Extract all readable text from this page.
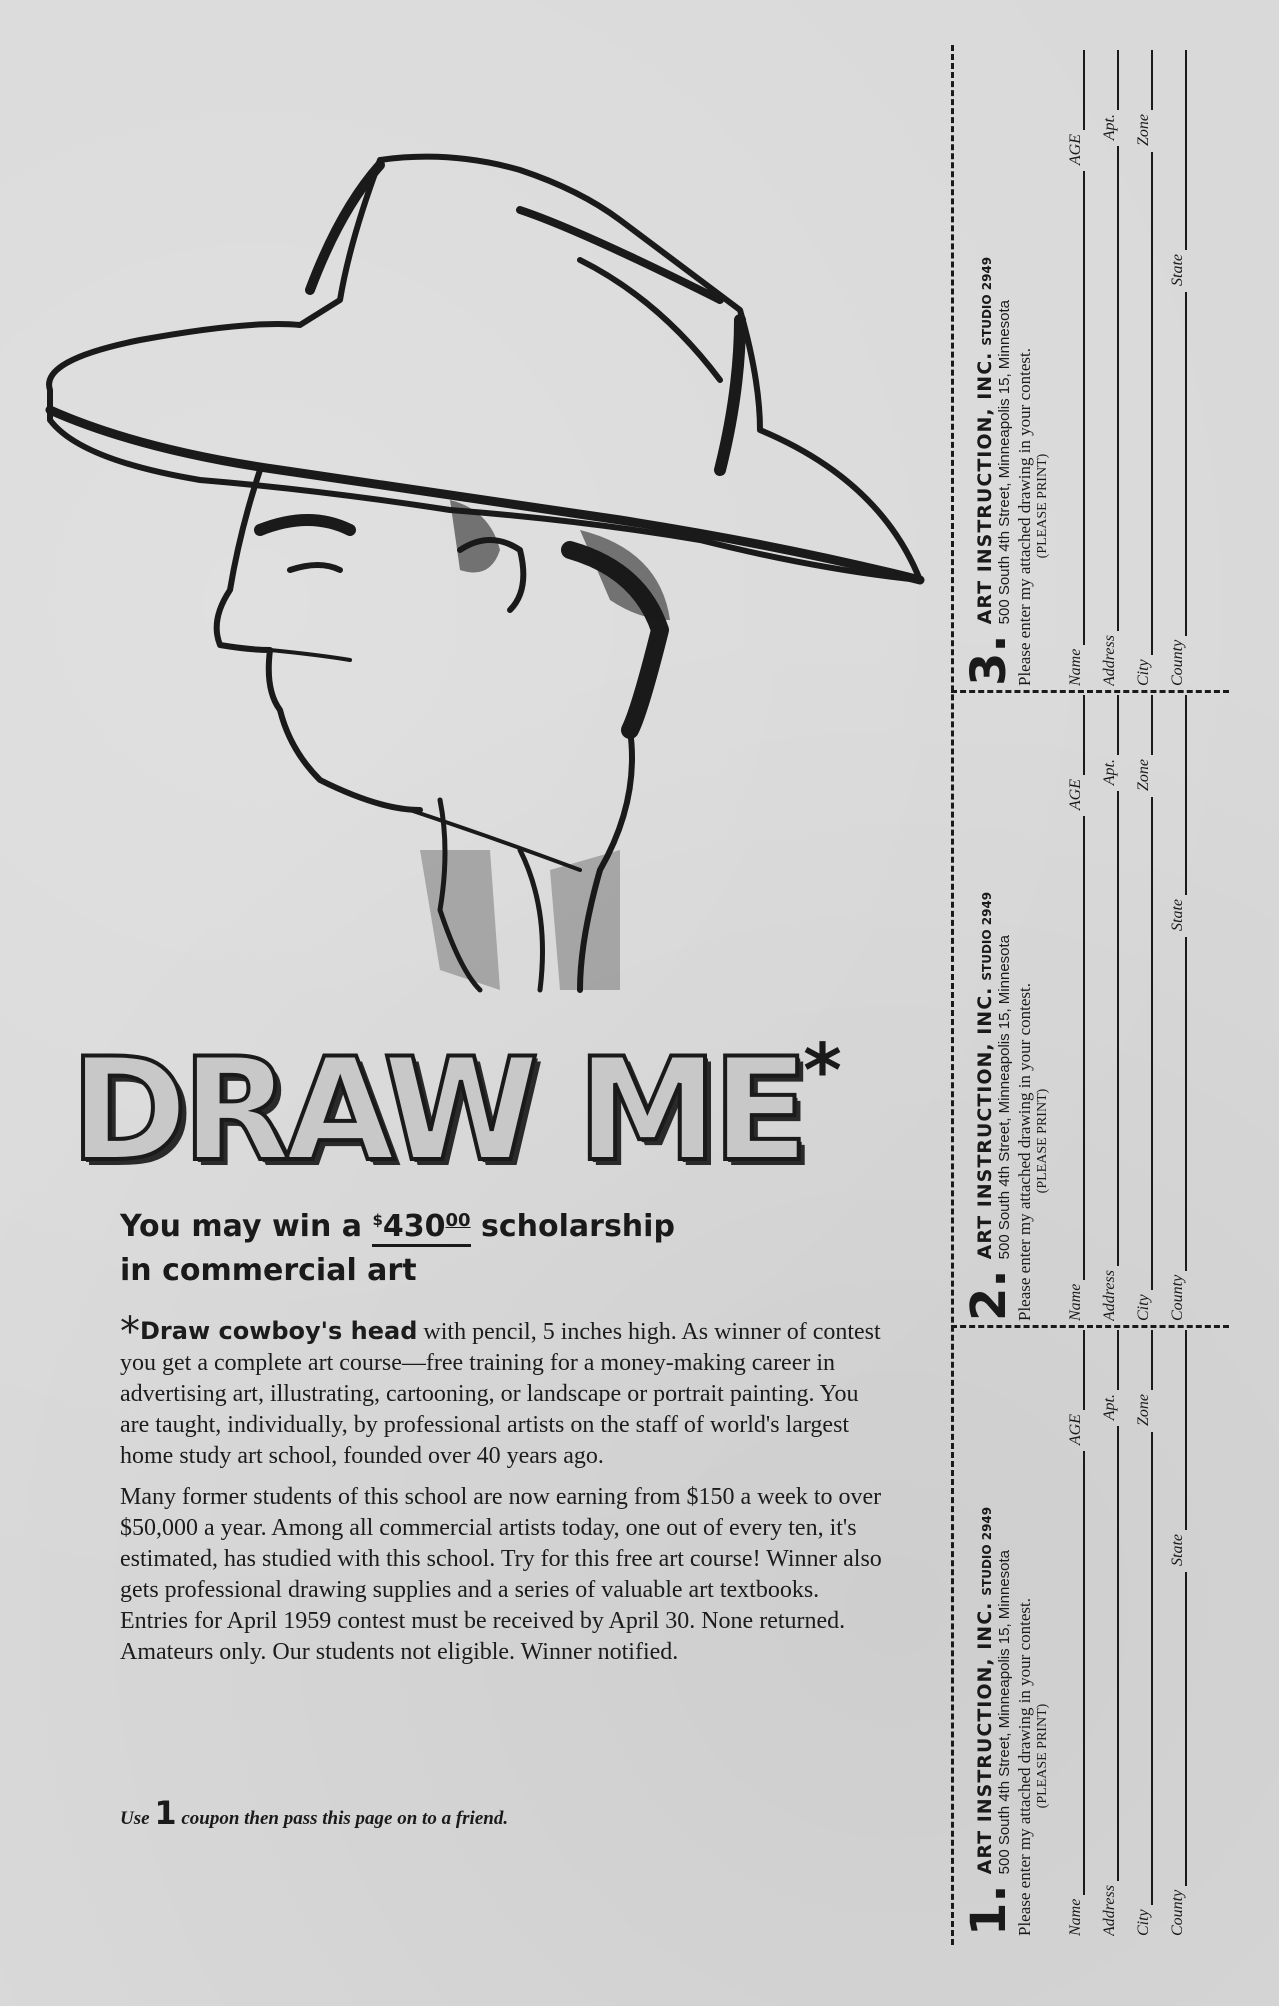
DRAW ME*
You may win a $^{\$}430^{00}$ scholarship
in commercial art

*Draw cowboy's head with pencil, 5 inches high. As winner of contest you get a complete art course—free training for a money-making career in advertising art, illustrating, cartooning, or landscape or portrait painting. You are taught, individually, by professional artists on the staff of world's largest home study art school, founded over 40 years ago.

Many former students of this school are now earning from $150 a week to over $50,000 a year. Among all commercial artists today, one out of every ten, it's estimated, has studied with this school. Try for this free art course! Winner also gets professional drawing supplies and a series of valuable art textbooks. Entries for April 1959 contest must be received by April 30. None returned. Amateurs only. Our students not eligible. Winner notified.

Use 1 coupon then pass this page on to a friend.
3.
ART INSTRUCTION, INC.STUDIO 2949 500 South 4th Street, Minneapolis 15, Minnesota Please enter my attached drawing in your contest. (PLEASE PRINT)
Name
AGE
Address
Apt.
City
Zone
County
State
2.
ART INSTRUCTION, INC.STUDIO 2949 500 South 4th Street, Minneapolis 15, Minnesota Please enter my attached drawing in your contest. (PLEASE PRINT)
Name
AGE
Address
Apt.
City
Zone
County
State
1.
ART INSTRUCTION, INC.STUDIO 2949 500 South 4th Street, Minneapolis 15, Minnesota Please enter my attached drawing in your contest. (PLEASE PRINT)
Name
AGE
Address
Apt.
City
Zone
County
State
